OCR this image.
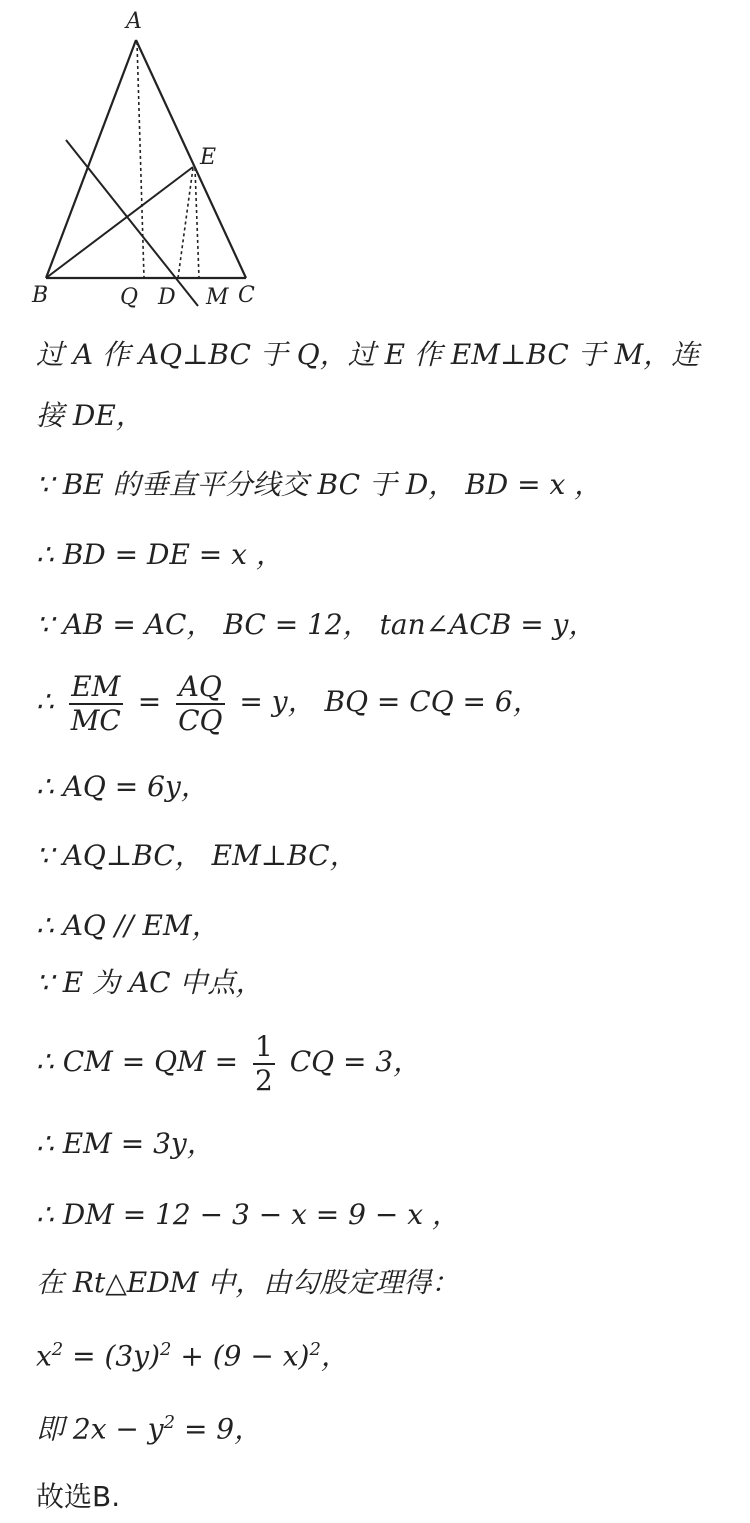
A
E
B	Q D M C
过 A 作 AQ⊥BC 于 Q，过 E 作 EM⊥BC 于 M，连
接 DE，
∵ BE 的垂直平分线交 BC 于 D， BD = x ，
∴ BD = DE = x ，
∵ AB = AC， BC = 12， tan∠ACB = y，
∴ $\frac{EM}{MC} = \frac{AQ}{CQ} = y$， BQ = CQ = 6，
∴ AQ = 6y，
∵ AQ⊥BC， EM⊥BC，
∴ AQ // EM，
∵ E 为 AC 中点，
∴ CM = QM = $\frac{1}{2}$ CQ = 3，
∴ EM = 3y，
∴ DM = 12 − 3 − x = 9 − x ，
在 Rt△EDM 中，由勾股定理得：
$x^2 = (3y)^2 + (9 - x)^2$，
即 $2x - y^2 = 9$，
故选B.
